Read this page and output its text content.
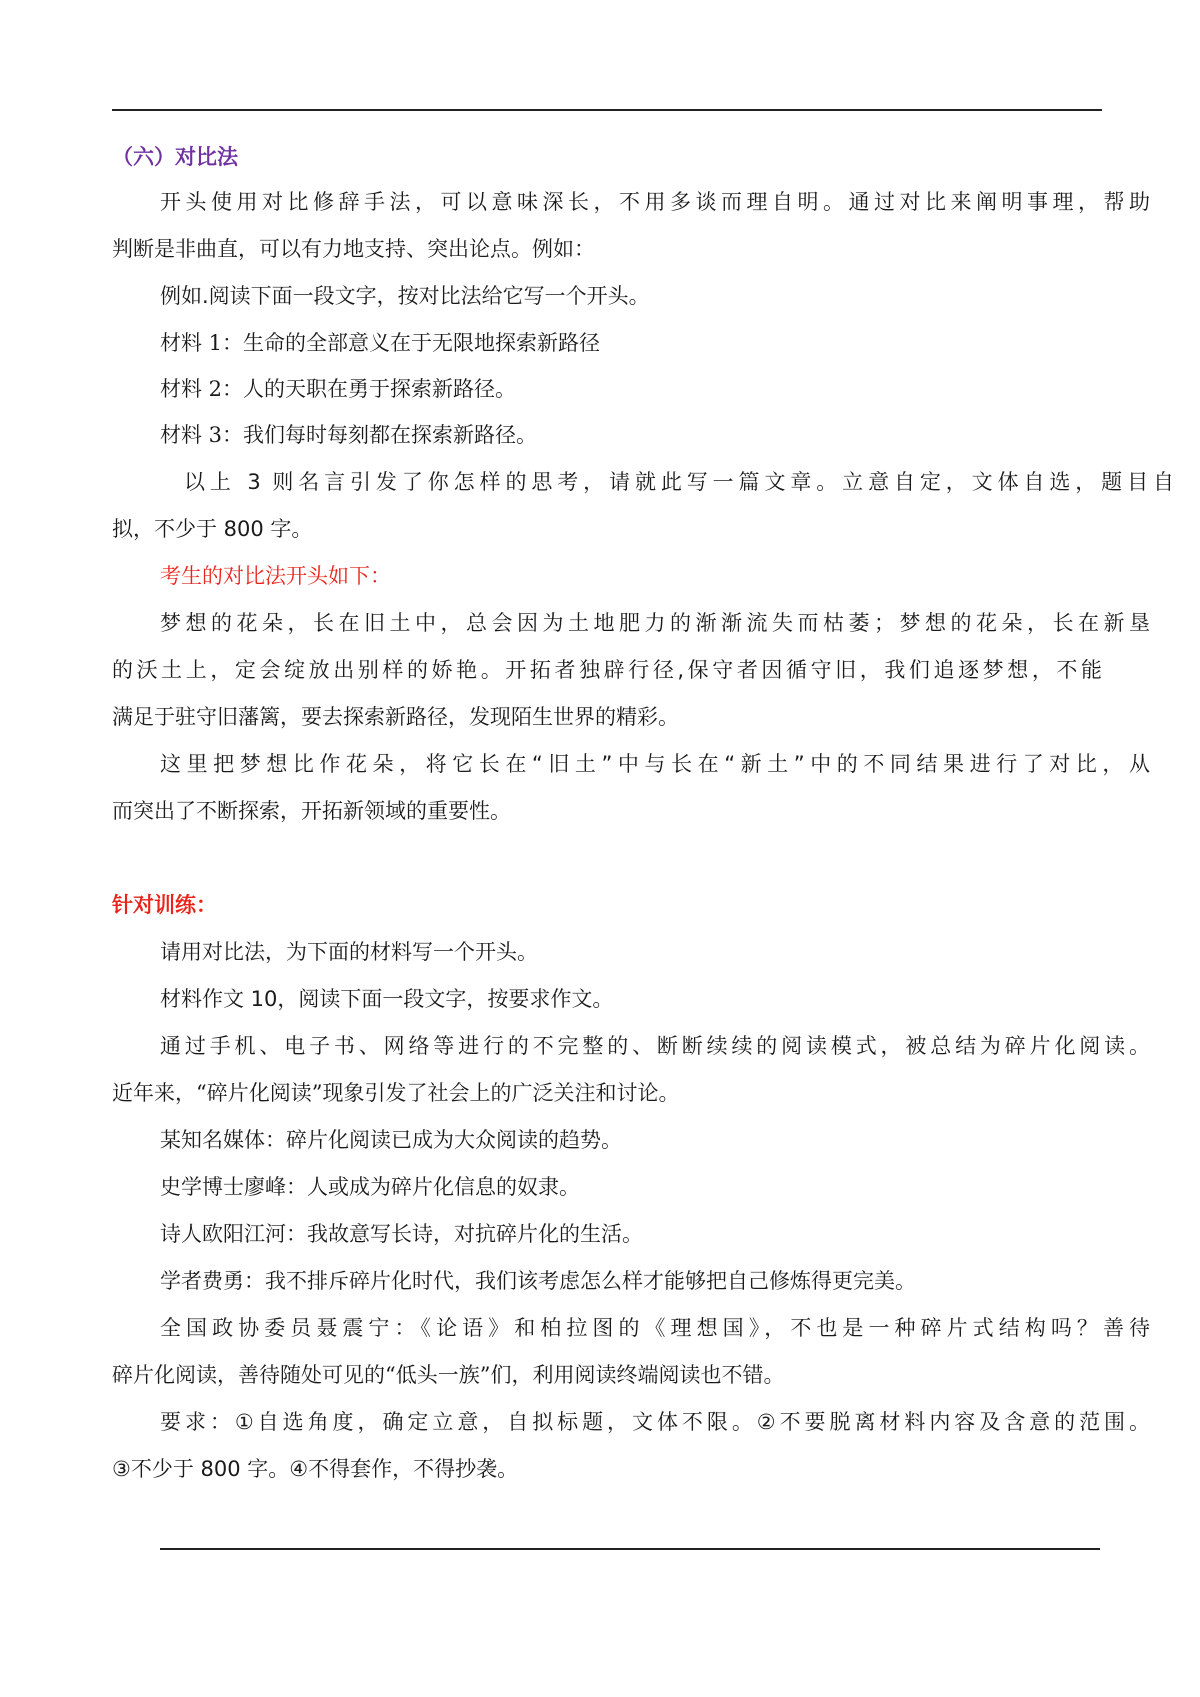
（六）对比法
开头使用对比修辞手法，可以意味深长，不用多谈而理自明。通过对比来阐明事理，帮助
判断是非曲直，可以有力地支持、突出论点。例如：
例如.阅读下面一段文字，按对比法给它写一个开头。
材料 1：生命的全部意义在于无限地探索新路径
材料 2：人的天职在勇于探索新路径。
材料 3：我们每时每刻都在探索新路径。
以上 3 则名言引发了你怎样的思考，请就此写一篇文章。立意自定，文体自选，题目自
拟，不少于 800 字。
考生的对比法开头如下：
梦想的花朵，长在旧土中，总会因为土地肥力的渐渐流失而枯萎；梦想的花朵，长在新垦
的沃土上，定会绽放出别样的娇艳。开拓者独辟行径,保守者因循守旧，我们追逐梦想，不能
满足于驻守旧藩篱，要去探索新路径，发现陌生世界的精彩。
这里把梦想比作花朵，将它长在“旧土”中与长在“新土”中的不同结果进行了对比，从
而突出了不断探索，开拓新领域的重要性。
针对训练：
请用对比法，为下面的材料写一个开头。
材料作文 10，阅读下面一段文字，按要求作文。
通过手机、电子书、网络等进行的不完整的、断断续续的阅读模式，被总结为碎片化阅读。
近年来，“碎片化阅读”现象引发了社会上的广泛关注和讨论。
某知名媒体：碎片化阅读已成为大众阅读的趋势。
史学博士廖峰：人或成为碎片化信息的奴隶。
诗人欧阳江河：我故意写长诗，对抗碎片化的生活。
学者费勇：我不排斥碎片化时代，我们该考虑怎么样才能够把自己修炼得更完美。
全国政协委员聂震宁：《论语》和柏拉图的《理想国》，不也是一种碎片式结构吗？善待
碎片化阅读，善待随处可见的“低头一族”们，利用阅读终端阅读也不错。
要求：①自选角度，确定立意，自拟标题，文体不限。②不要脱离材料内容及含意的范围。
③不少于 800 字。④不得套作，不得抄袭。
